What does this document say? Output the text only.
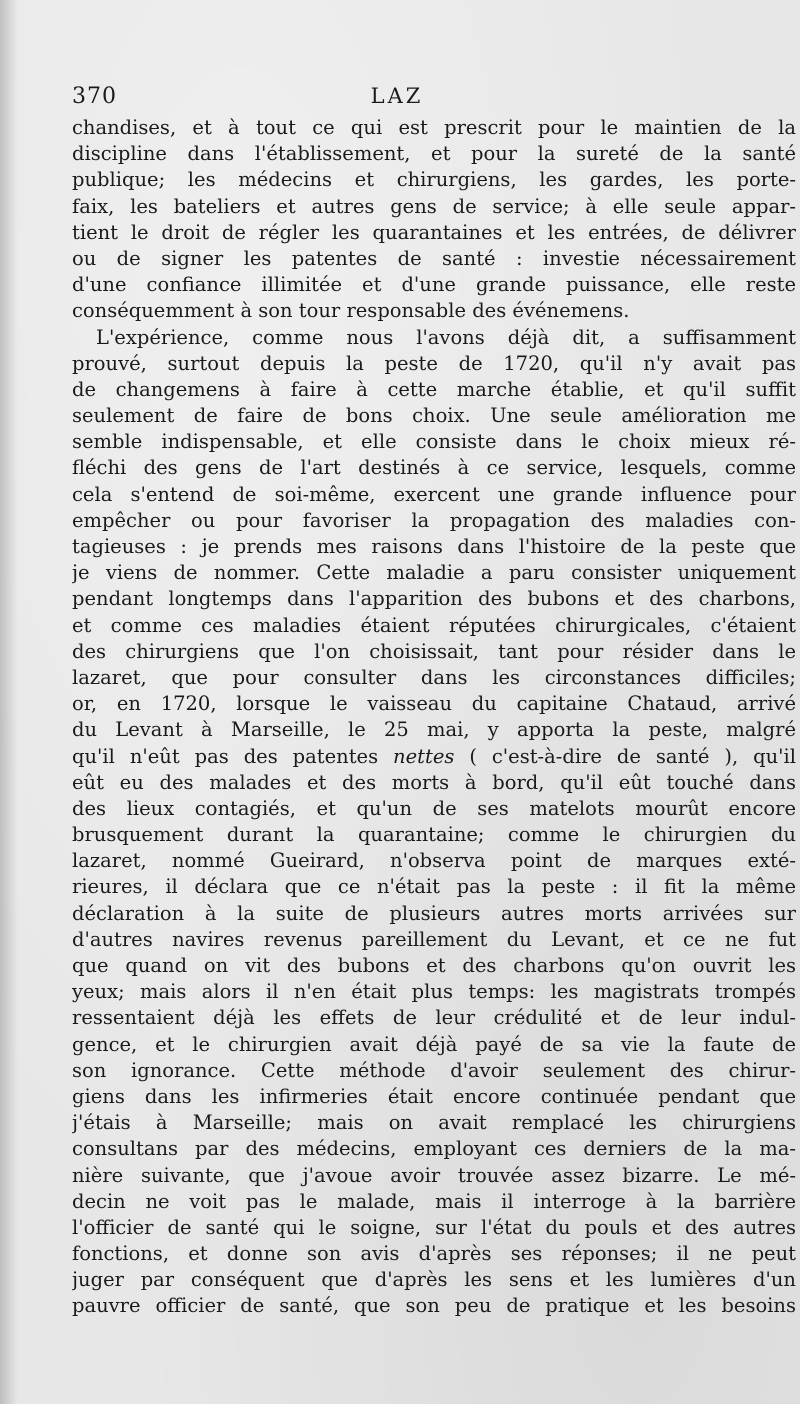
370	LAZ
chandises, et à tout ce qui est prescrit pour le maintien de la
discipline dans l'établissement, et pour la sureté de la santé
publique; les médecins et chirurgiens, les gardes, les porte-
faix, les bateliers et autres gens de service; à elle seule appar-
tient le droit de régler les quarantaines et les entrées, de délivrer
ou de signer les patentes de santé : investie nécessairement
d'une confiance illimitée et d'une grande puissance, elle reste
conséquemment à son tour responsable des événemens.
L'expérience, comme nous l'avons déjà dit, a suffisamment
prouvé, surtout depuis la peste de 1720, qu'il n'y avait pas
de changemens à faire à cette marche établie, et qu'il suffit
seulement de faire de bons choix. Une seule amélioration me
semble indispensable, et elle consiste dans le choix mieux ré-
fléchi des gens de l'art destinés à ce service, lesquels, comme
cela s'entend de soi-même, exercent une grande influence pour
empêcher ou pour favoriser la propagation des maladies con-
tagieuses : je prends mes raisons dans l'histoire de la peste que
je viens de nommer. Cette maladie a paru consister uniquement
pendant longtemps dans l'apparition des bubons et des charbons,
et comme ces maladies étaient réputées chirurgicales, c'étaient
des chirurgiens que l'on choisissait, tant pour résider dans le
lazaret, que pour consulter dans les circonstances difficiles;
or, en 1720, lorsque le vaisseau du capitaine Chataud, arrivé
du Levant à Marseille, le 25 mai, y apporta la peste, malgré
qu'il n'eût pas des patentes nettes ( c'est-à-dire de santé ), qu'il
eût eu des malades et des morts à bord, qu'il eût touché dans
des lieux contagiés, et qu'un de ses matelots mourût encore
brusquement durant la quarantaine; comme le chirurgien du
lazaret, nommé Gueirard, n'observa point de marques exté-
rieures, il déclara que ce n'était pas la peste : il fit la même
déclaration à la suite de plusieurs autres morts arrivées sur
d'autres navires revenus pareillement du Levant, et ce ne fut
que quand on vit des bubons et des charbons qu'on ouvrit les
yeux; mais alors il n'en était plus temps: les magistrats trompés
ressentaient déjà les effets de leur crédulité et de leur indul-
gence, et le chirurgien avait déjà payé de sa vie la faute de
son ignorance. Cette méthode d'avoir seulement des chirur-
giens dans les infirmeries était encore continuée pendant que
j'étais à Marseille; mais on avait remplacé les chirurgiens
consultans par des médecins, employant ces derniers de la ma-
nière suivante, que j'avoue avoir trouvée assez bizarre. Le mé-
decin ne voit pas le malade, mais il interroge à la barrière
l'officier de santé qui le soigne, sur l'état du pouls et des autres
fonctions, et donne son avis d'après ses réponses; il ne peut
juger par conséquent que d'après les sens et les lumières d'un
pauvre officier de santé, que son peu de pratique et les besoins
